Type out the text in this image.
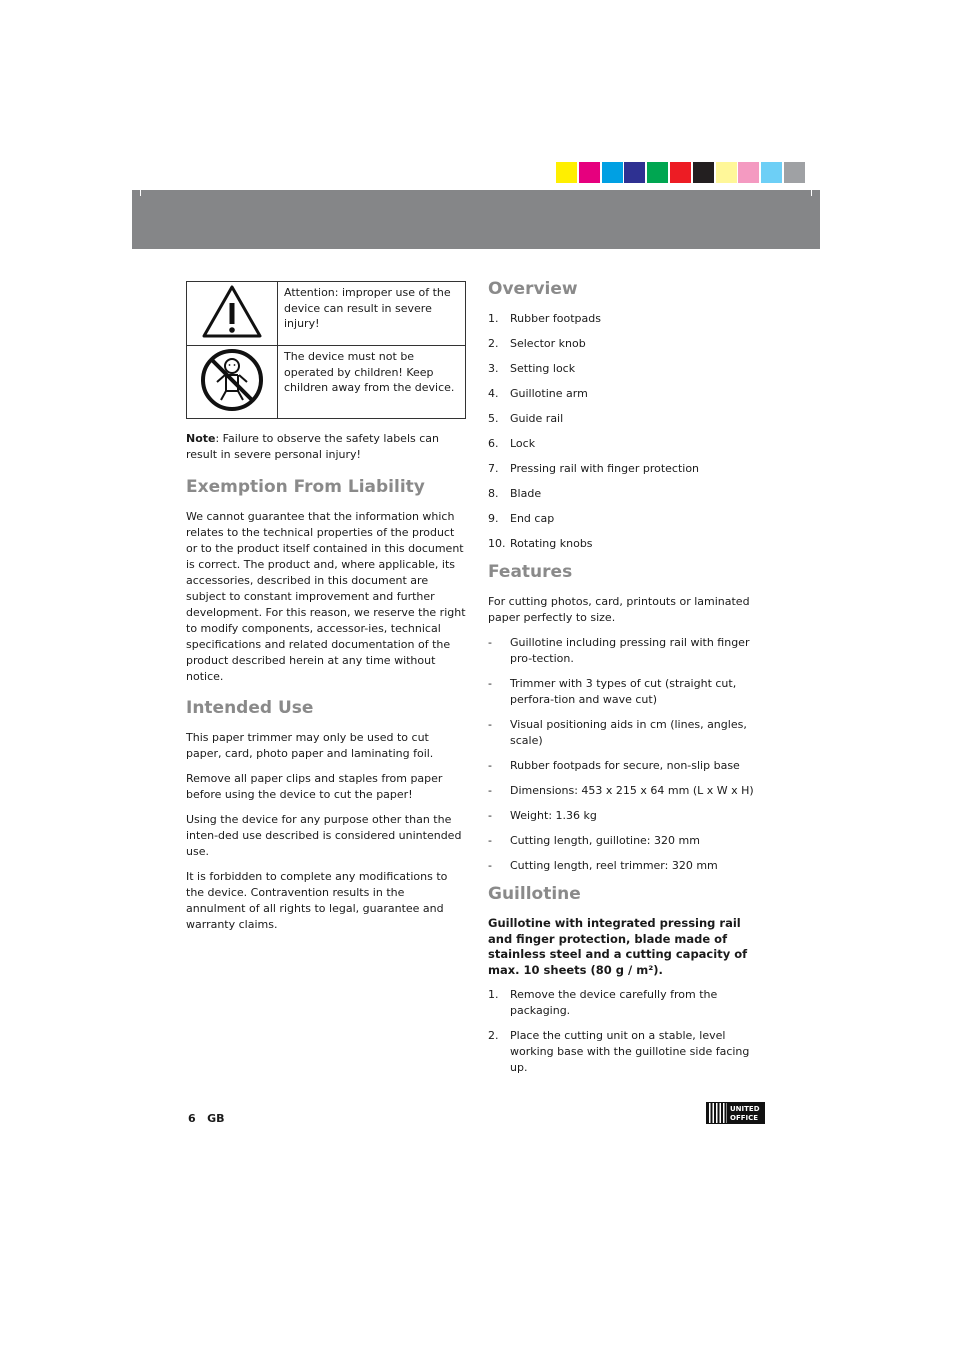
	Attention: improper use of the device can result in severe injury!
	The device must not be operated by children! Keep children away from the device.

Note: Failure to observe the safety labels can result in severe personal injury!

Exemption From Liability

We cannot guarantee that the information which relates to the technical properties of the product or to the product itself contained in this document is correct. The product and, where applicable, its accessories, described in this document are subject to constant improvement and further development. For this reason, we reserve the right to modify components, accessor-ies, technical specifications and related documentation of the product described herein at any time without notice.

Intended Use

This paper trimmer may only be used to cut paper, card, photo paper and laminating foil.

Remove all paper clips and staples from paper before using the device to cut the paper!

Using the device for any purpose other than the inten-ded use described is considered unintended use.

It is forbidden to complete any modifications to the device. Contravention results in the annulment of all rights to legal, guarantee and warranty claims.

Overview
1.	Rubber footpads
2.	Selector knob
3.	Setting lock
4.	Guillotine arm
5.	Guide rail
6.	Lock
7.	Pressing rail with finger protection
8.	Blade
9.	End cap
10. Rotating knobs
Features

For cutting photos, card, printouts or laminated paper perfectly to size.

-	Guillotine including pressing rail with finger pro-tection.
-	Trimmer with 3 types of cut (straight cut, perfora-tion and wave cut)
-	Visual positioning aids in cm (lines, angles, scale)
-	Rubber footpads for secure, non-slip base
-	Dimensions: 453 x 215 x 64 mm (L x W x H)
-	Weight: 1.36 kg
-	Cutting length, guillotine: 320 mm
-	Cutting length, reel trimmer: 320 mm
Guillotine

Guillotine with integrated pressing rail and finger protection, blade made of stainless steel and a cutting capacity of max. 10 sheets (80 g / m²).

1.	Remove the device carefully from the packaging.
2.	Place the cutting unit on a stable, level working base with the guillotine side facing up.
6   GB
UNITED
OFFICE
